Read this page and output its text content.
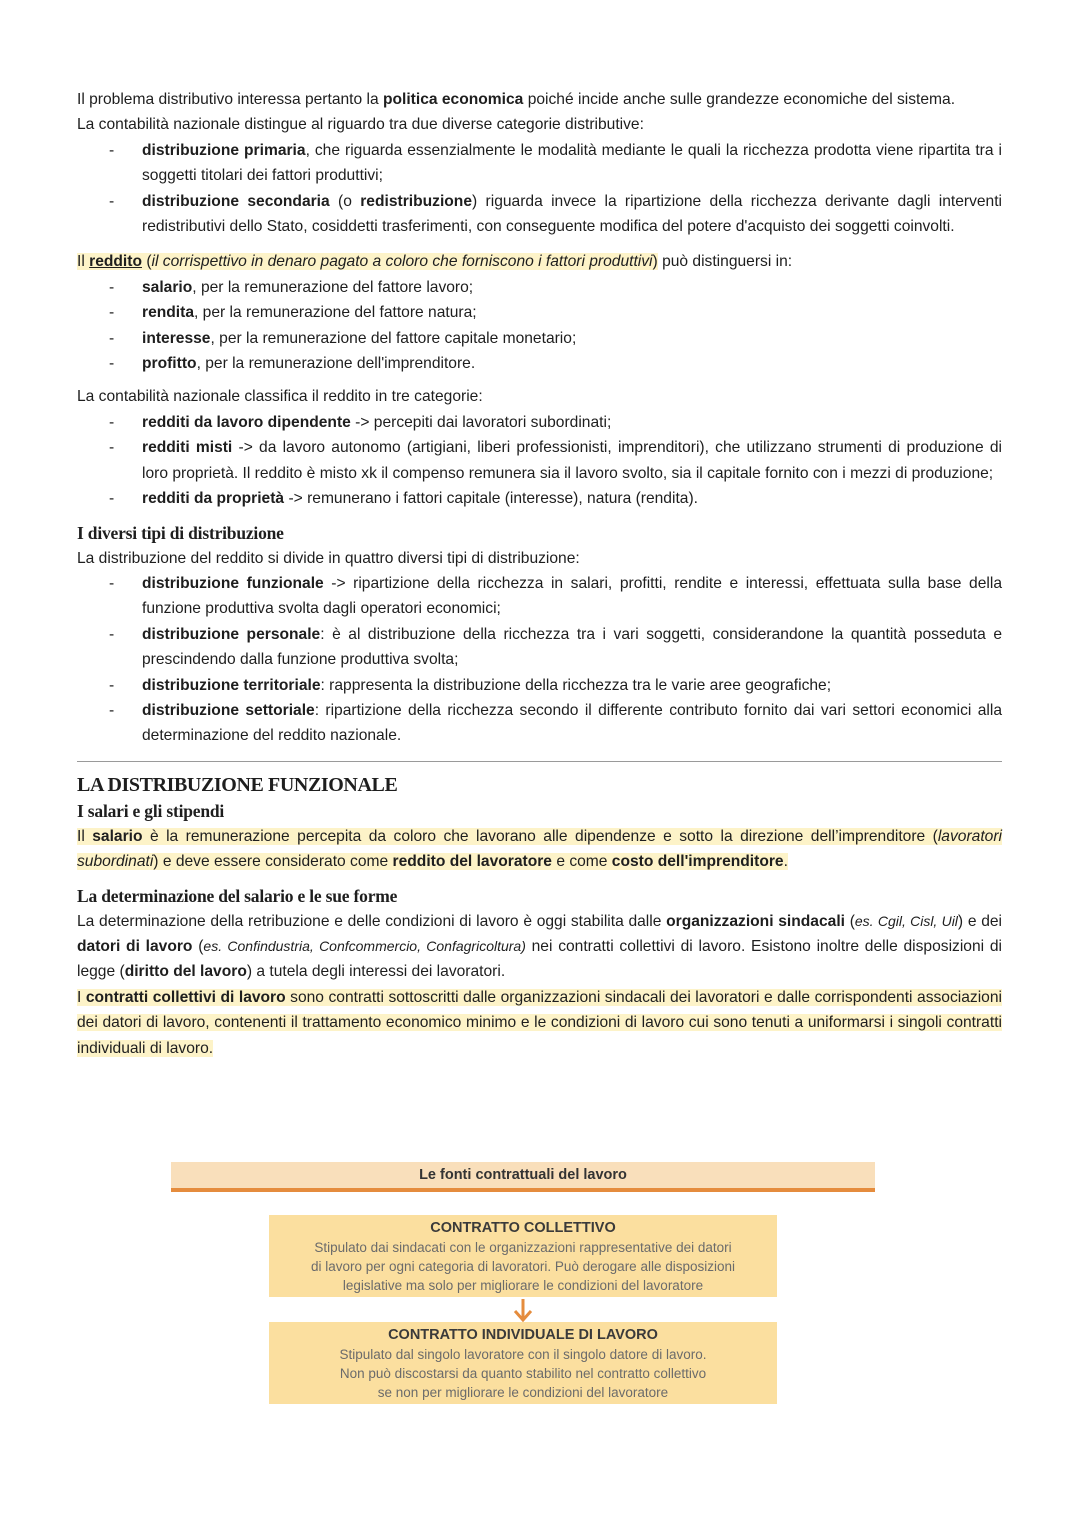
Il problema distributivo interessa pertanto la politica economica poiché incide anche sulle grandezze economiche del sistema.

La contabilità nazionale distingue al riguardo tra due diverse categorie distributive:

- distribuzione primaria, che riguarda essenzialmente le modalità mediante le quali la ricchezza prodotta viene ripartita tra i soggetti titolari dei fattori produttivi;
- distribuzione secondaria (o redistribuzione) riguarda invece la ripartizione della ricchezza derivante dagli interventi redistributivi dello Stato, cosiddetti trasferimenti, con conseguente modifica del potere d'acquisto dei soggetti coinvolti.

Il reddito (il corrispettivo in denaro pagato a coloro che forniscono i fattori produttivi) può distinguersi in:

- salario, per la remunerazione del fattore lavoro;
- rendita, per la remunerazione del fattore natura;
- interesse, per la remunerazione del fattore capitale monetario;
- profitto, per la remunerazione dell'imprenditore.

La contabilità nazionale classifica il reddito in tre categorie:

- redditi da lavoro dipendente -> percepiti dai lavoratori subordinati;
- redditi misti -> da lavoro autonomo (artigiani, liberi professionisti, imprenditori), che utilizzano strumenti di produzione di loro proprietà. Il reddito è misto xk il compenso remunera sia il lavoro svolto, sia il capitale fornito con i mezzi di produzione;
- redditi da proprietà -> remunerano i fattori capitale (interesse), natura (rendita).
I diversi tipi di distribuzione

La distribuzione del reddito si divide in quattro diversi tipi di distribuzione:

- distribuzione funzionale -> ripartizione della ricchezza in salari, profitti, rendite e interessi, effettuata sulla base della funzione produttiva svolta dagli operatori economici;
- distribuzione personale: è al distribuzione della ricchezza tra i vari soggetti, considerandone la quantità posseduta e prescindendo dalla funzione produttiva svolta;
- distribuzione territoriale: rappresenta la distribuzione della ricchezza tra le varie aree geografiche;
- distribuzione settoriale: ripartizione della ricchezza secondo il differente contributo fornito dai vari settori economici alla determinazione del reddito nazionale.
LA DISTRIBUZIONE FUNZIONALE
I salari e gli stipendi

Il salario è la remunerazione percepita da coloro che lavorano alle dipendenze e sotto la direzione dell’imprenditore (lavoratori subordinati) e deve essere considerato come reddito del lavoratore e come costo dell'imprenditore.

La determinazione del salario e le sue forme

La determinazione della retribuzione e delle condizioni di lavoro è oggi stabilita dalle organizzazioni sindacali (es. Cgil, Cisl, Uil) e dei datori di lavoro (es. Confindustria, Confcommercio, Confagricoltura) nei contratti collettivi di lavoro. Esistono inoltre delle disposizioni di legge (diritto del lavoro) a tutela degli interessi dei lavoratori.

I contratti collettivi di lavoro sono contratti sottoscritti dalle organizzazioni sindacali dei lavoratori e dalle corrispondenti associazioni dei datori di lavoro, contenenti il trattamento economico minimo e le condizioni di lavoro cui sono tenuti a uniformarsi i singoli contratti individuali di lavoro.

Le fonti contrattuali del lavoro
CONTRATTO COLLETTIVO
Stipulato dai sindacati con le organizzazioni rappresentative dei datori
di lavoro per ogni categoria di lavoratori. Può derogare alle disposizioni
legislative ma solo per migliorare le condizioni del lavoratore
CONTRATTO INDIVIDUALE DI LAVORO
Stipulato dal singolo lavoratore con il singolo datore di lavoro.
Non può discostarsi da quanto stabilito nel contratto collettivo
se non per migliorare le condizioni del lavoratore
